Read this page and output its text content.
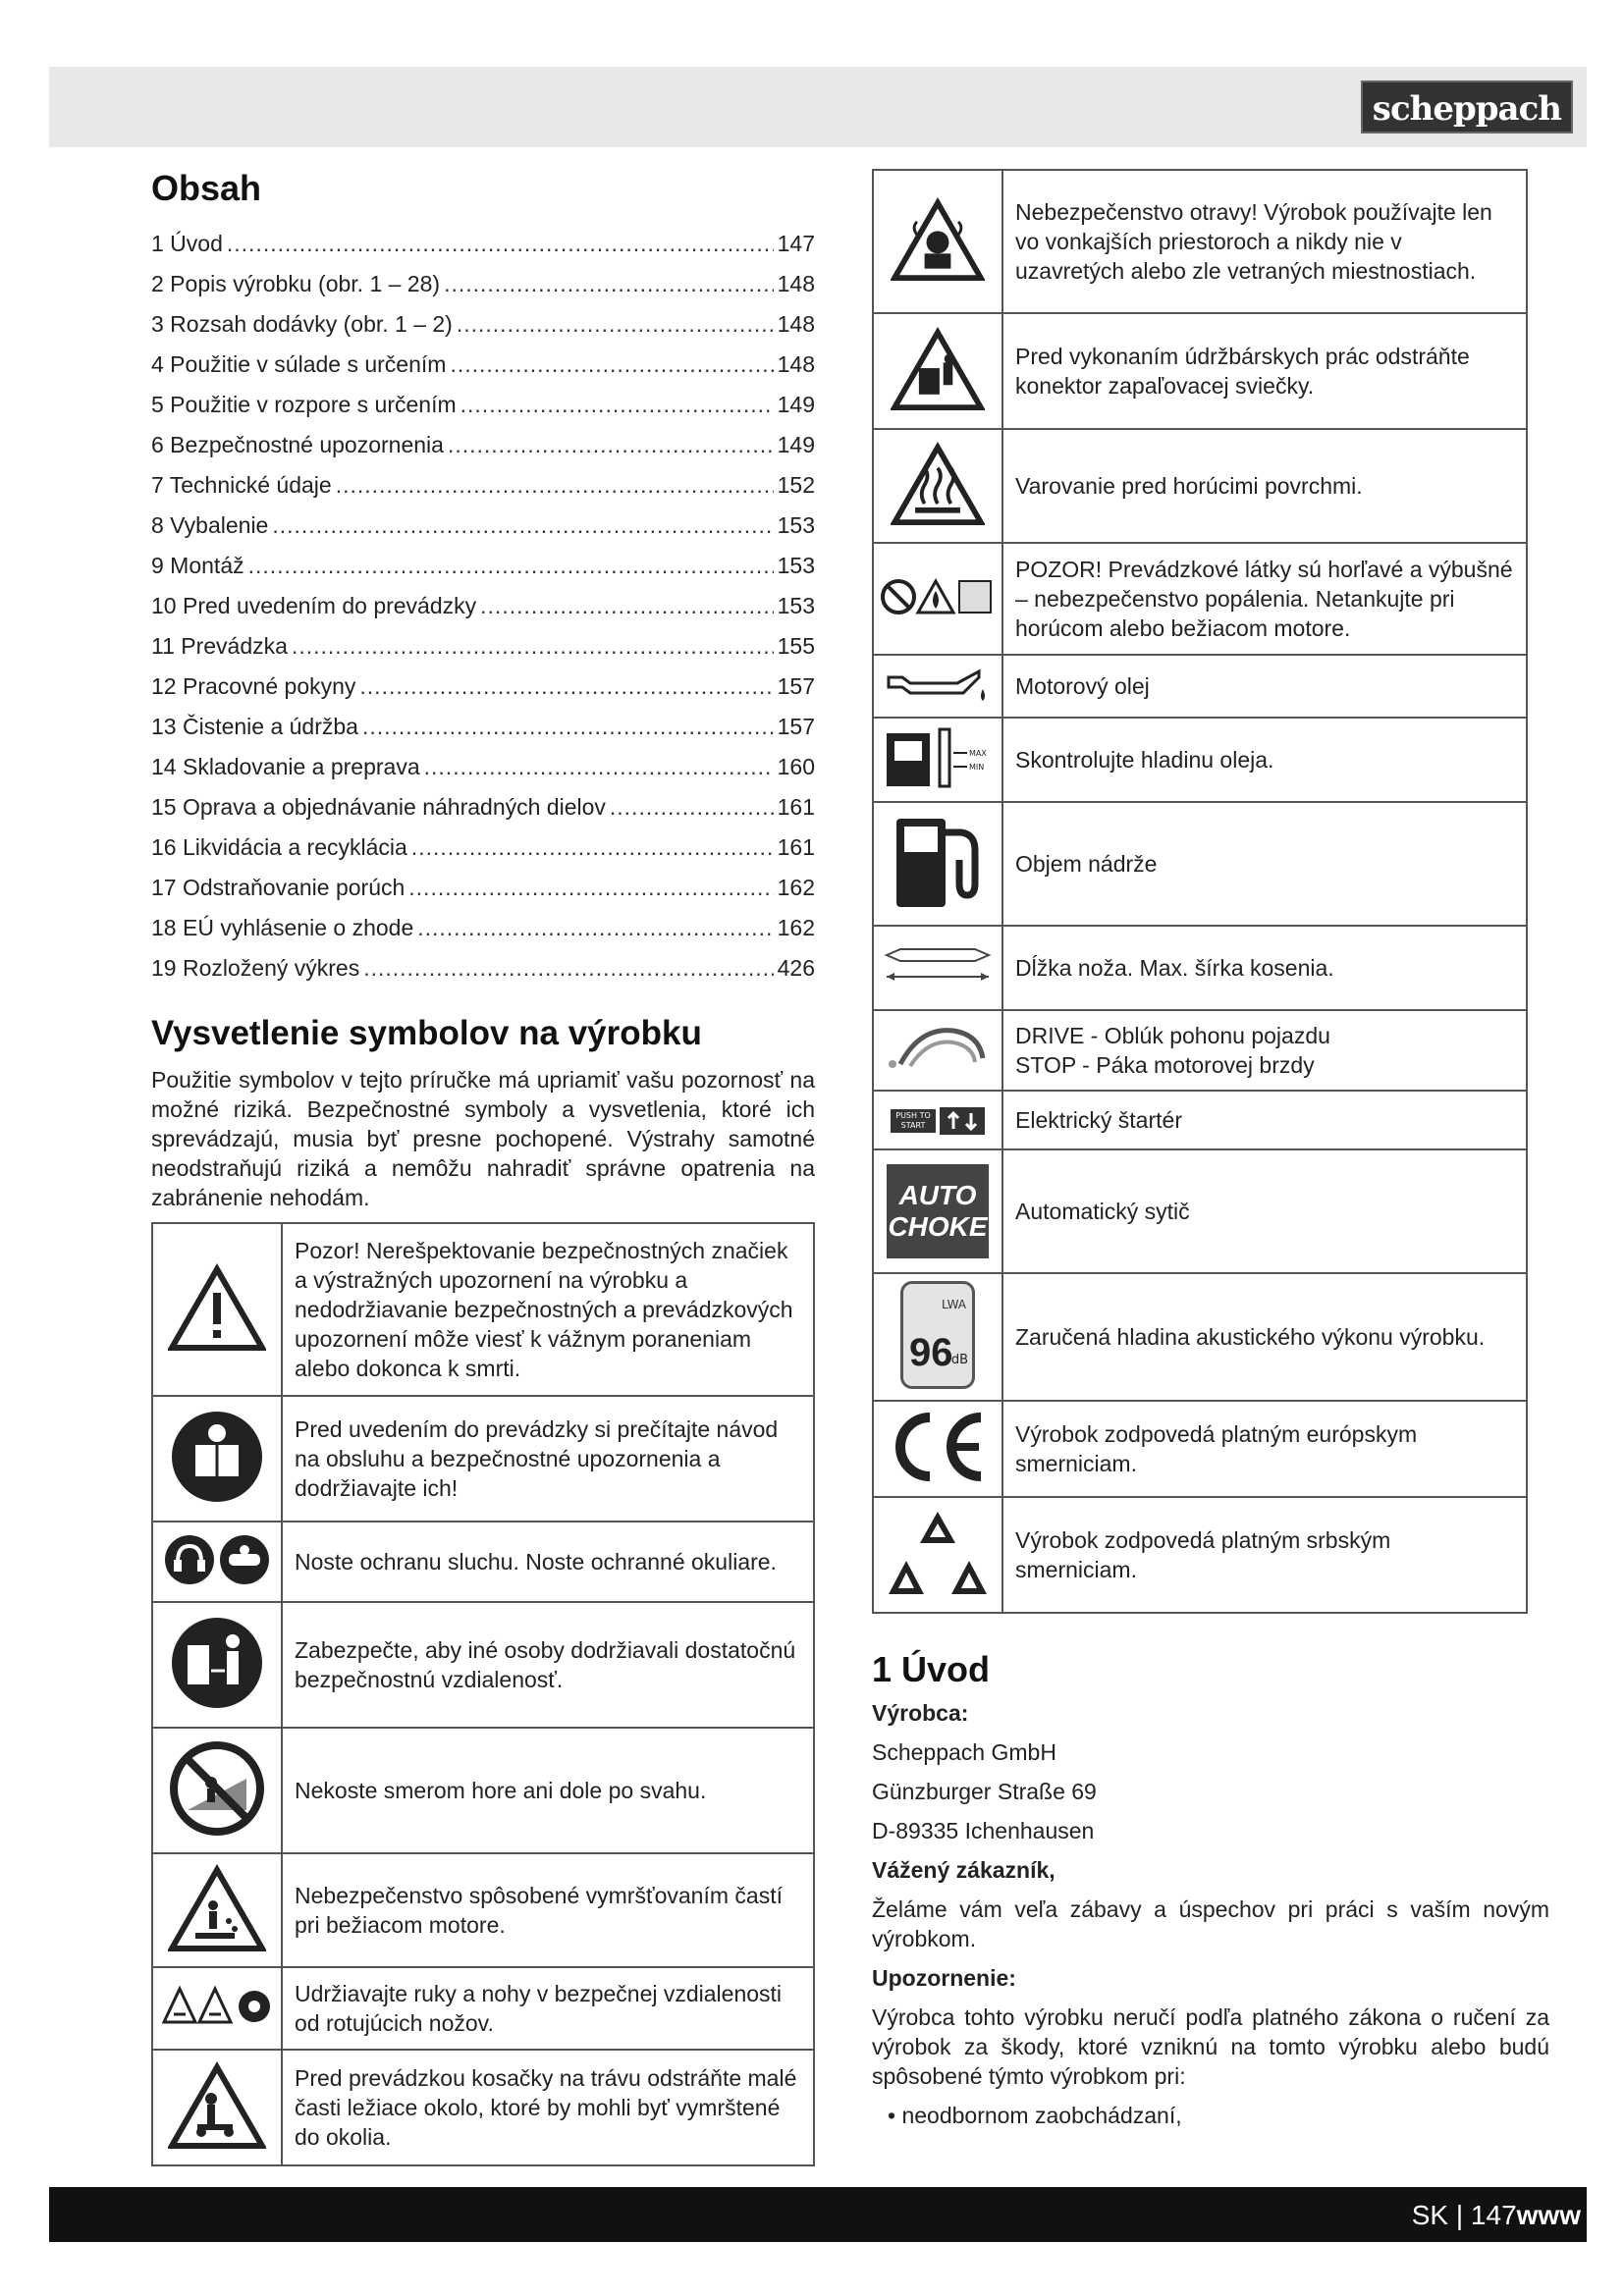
scheppach
Obsah
1 Úvod .....	147
2 Popis výrobku (obr. 1 – 28) .....	148
3 Rozsah dodávky (obr. 1 – 2) .....	148
4 Použitie v súlade s určením .....	148
5 Použitie v rozpore s určením .....	149
6 Bezpečnostné upozornenia .....	149
7 Technické údaje .....	152
8 Vybalenie .....	153
9 Montáž .....	153
10 Pred uvedením do prevádzky .....	153
11 Prevádzka .....	155
12 Pracovné pokyny .....	157
13 Čistenie a údržba .....	157
14 Skladovanie a preprava .....	160
15 Oprava a objednávanie náhradných dielov .....	161
16 Likvidácia a recyklácia .....	161
17 Odstraňovanie porúch .....	162
18 EÚ vyhlásenie o zhode .....	162
19 Rozložený výkres .....	426
Vysvetlenie symbolov na výrobku

Použitie symbolov v tejto príručke má upriamiť vašu pozornosť na možné riziká. Bezpečnostné symboly a vysvetlenia, ktoré ich sprevádzajú, musia byť presne pochopené. Výstrahy samotné neodstraňujú riziká a nemôžu nahradiť správne opatrenia na zabránenie nehodám.

	Pozor! Nerešpektovanie bezpečnostných značiek a výstražných upozornení na výrobku a nedodržiavanie bezpečnostných a prevádzkových upozornení môže viesť k vážnym poraneniam alebo dokonca k smrti.

	Pred uvedením do prevádzky si prečítajte návod na obsluhu a bezpečnostné upozornenia a dodržiavajte ich!

	Noste ochranu sluchu. Noste ochranné okuliare.

	Zabezpečte, aby iné osoby dodržiavali dostatočnú bezpečnostnú vzdialenosť.

	Nekoste smerom hore ani dole po svahu.

	Nebezpečenstvo spôsobené vymršťovaním častí pri bežiacom motore.

	Udržiavajte ruky a nohy v bezpečnej vzdialenosti od rotujúcich nožov.

	Pred prevádzkou kosačky na trávu odstráňte malé časti ležiace okolo, ktoré by mohli byť vymrštené do okolia.
	Nebezpečenstvo otravy! Výrobok používajte len vo vonkajších priestoroch a nikdy nie v uzavretých alebo zle vetraných miestnostiach.

	Pred vykonaním údržbárskych prác odstráňte konektor zapaľovacej sviečky.

	Varovanie pred horúcimi povrchmi.

	POZOR! Prevádzkové látky sú horľavé a výbušné – nebezpečenstvo popálenia. Netankujte pri horúcom alebo bežiacom motore.

	Motorový olej

MAX
MIN	Skontrolujte hladinu oleja.

	Objem nádrže

	Dĺžka noža. Max. šírka kosenia.

DRIVE - Oblúk pohonu pojazdu
STOP - Páka motorovej brzdy

PUSH TO START	Elektrický štartér

AUTO
CHOKE	Automatický sytič

LWA
96
dB	Zaručená hladina akustického výkonu výrobku.

	Výrobok zodpovedá platným európskym smerniciam.

	Výrobok zodpovedá platným srbským smerniciam.
1 Úvod

Výrobca:

Scheppach GmbH

Günzburger Straße 69

D-89335 Ichenhausen

Vážený zákazník,

Želáme vám veľa zábavy a úspechov pri práci s vaším novým výrobkom.

Upozornenie:

Výrobca tohto výrobku neručí podľa platného zákona o ručení za výrobok za škody, ktoré vzniknú na tomto výrobku alebo budú spôsobené týmto výrobkom pri:

• neodbornom zaobchádzaní,

SK | 147www
